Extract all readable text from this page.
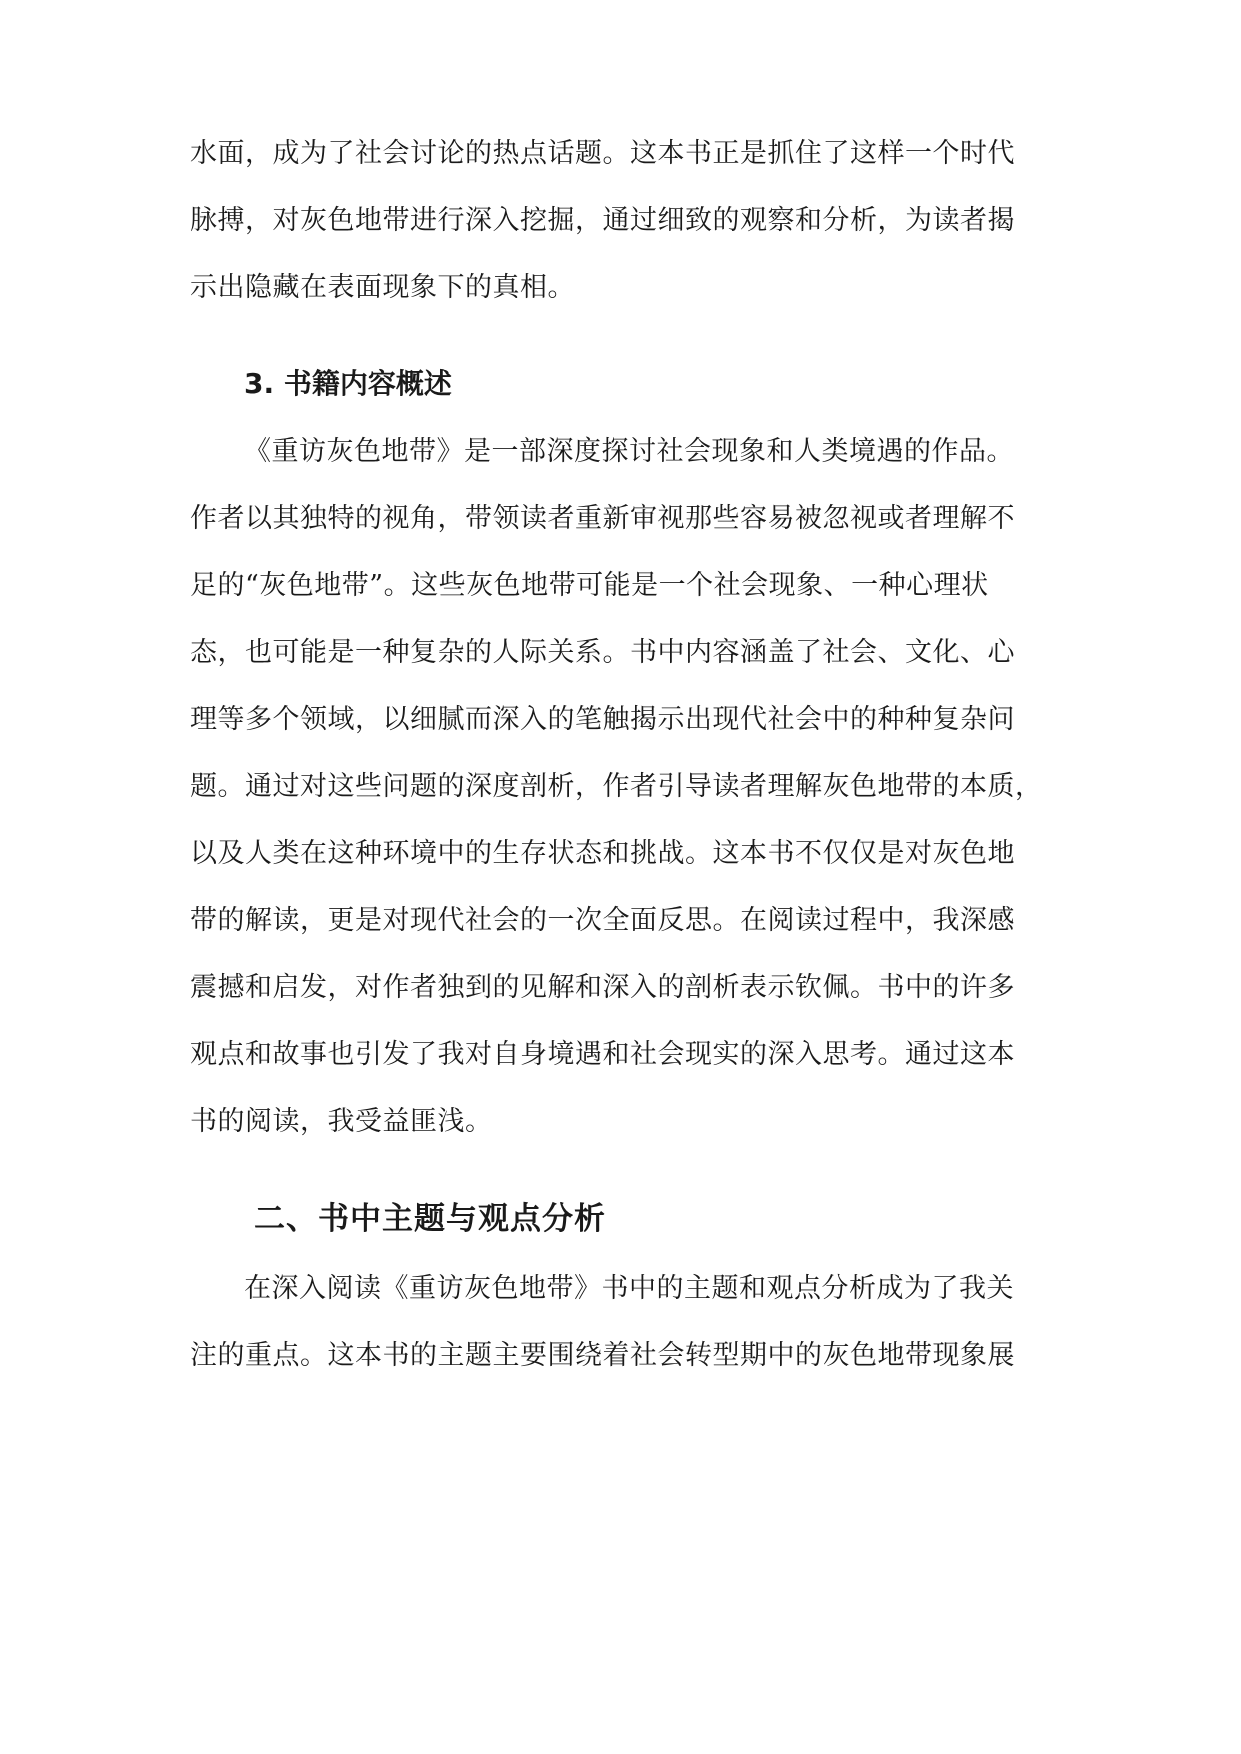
水面，成为了社会讨论的热点话题。这本书正是抓住了这样一个时代
脉搏，对灰色地带进行深入挖掘，通过细致的观察和分析，为读者揭
示出隐藏在表面现象下的真相。
3. 书籍内容概述
《重访灰色地带》是一部深度探讨社会现象和人类境遇的作品。
作者以其独特的视角，带领读者重新审视那些容易被忽视或者理解不
足的“灰色地带”。这些灰色地带可能是一个社会现象、一种心理状
态，也可能是一种复杂的人际关系。书中内容涵盖了社会、文化、心
理等多个领域，以细腻而深入的笔触揭示出现代社会中的种种复杂问
题。通过对这些问题的深度剖析，作者引导读者理解灰色地带的本质，
以及人类在这种环境中的生存状态和挑战。这本书不仅仅是对灰色地
带的解读，更是对现代社会的一次全面反思。在阅读过程中，我深感
震撼和启发，对作者独到的见解和深入的剖析表示钦佩。书中的许多
观点和故事也引发了我对自身境遇和社会现实的深入思考。通过这本
书的阅读，我受益匪浅。
二、书中主题与观点分析
在深入阅读《重访灰色地带》书中的主题和观点分析成为了我关
注的重点。这本书的主题主要围绕着社会转型期中的灰色地带现象展
